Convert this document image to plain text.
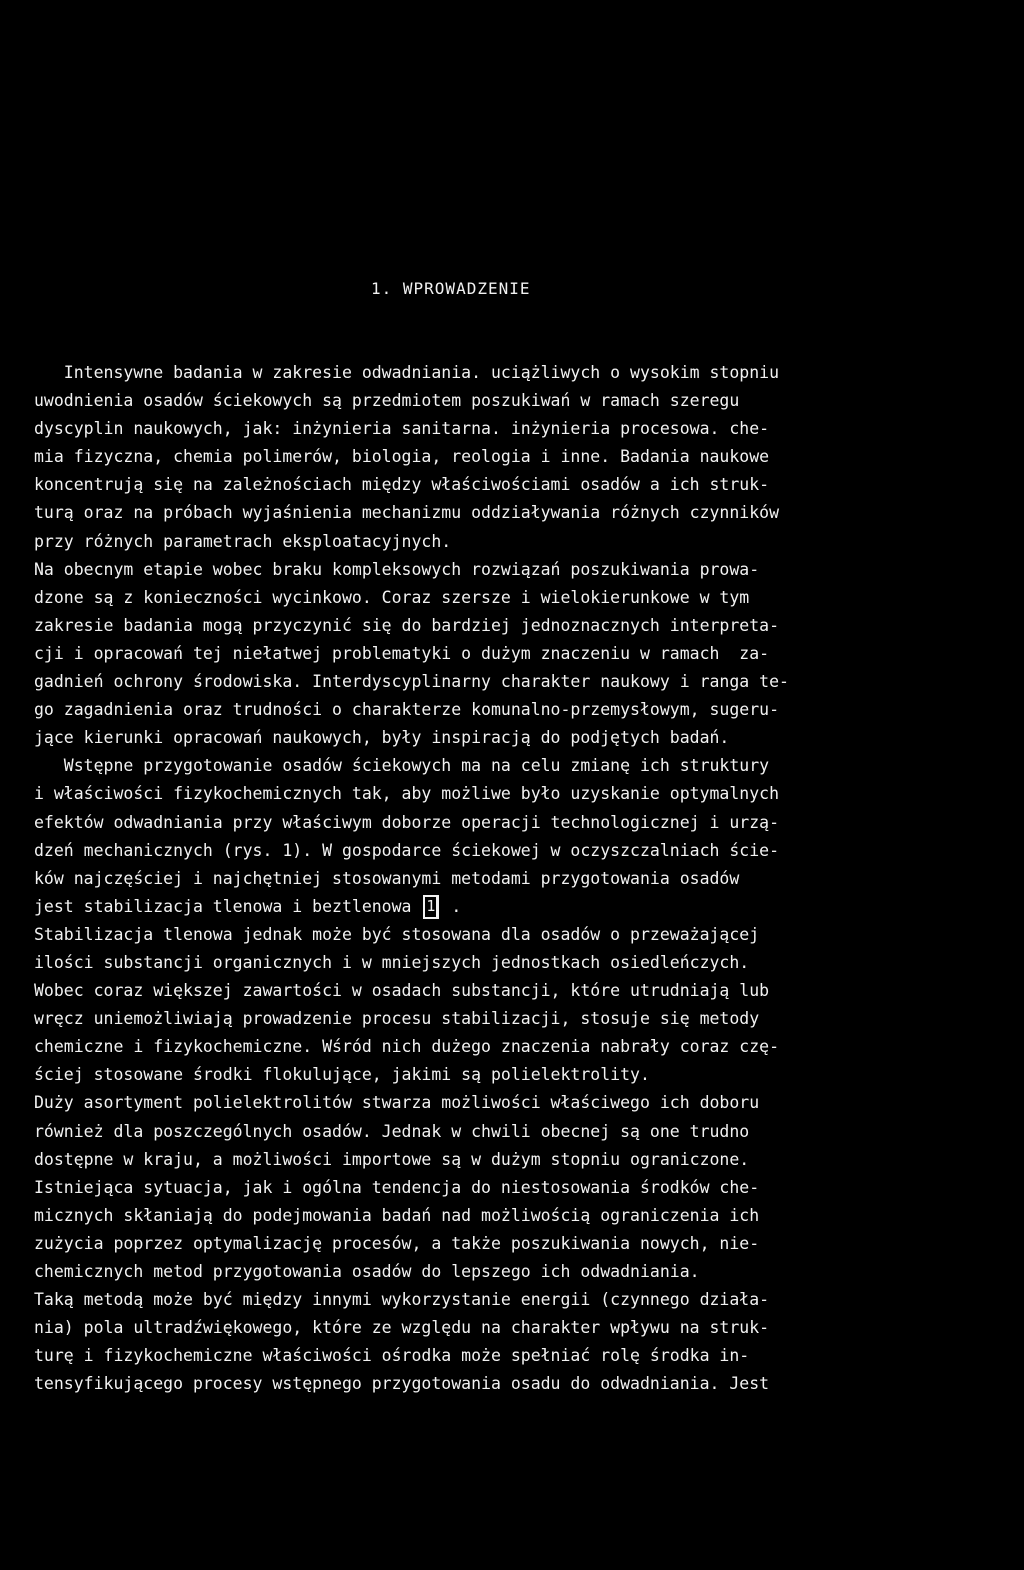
1. WPROWADZENIE
Intensywne badania w zakresie odwadniania. uciążliwych o wysokim stopniu
uwodnienia osadów ściekowych są przedmiotem poszukiwań w ramach szeregu
dyscyplin naukowych, jak: inżynieria sanitarna. inżynieria procesowa. che-
mia fizyczna, chemia polimerów, biologia, reologia i inne. Badania naukowe
koncentrują się na zależnościach między właściwościami osadów a ich struk-
turą oraz na próbach wyjaśnienia mechanizmu oddziaływania różnych czynników
przy różnych parametrach eksploatacyjnych.
Na obecnym etapie wobec braku kompleksowych rozwiązań poszukiwania prowa-
dzone są z konieczności wycinkowo. Coraz szersze i wielokierunkowe w tym
zakresie badania mogą przyczynić się do bardziej jednoznacznych interpreta-
cji i opracowań tej niełatwej problematyki o dużym znaczeniu w ramach  za-
gadnień ochrony środowiska. Interdyscyplinarny charakter naukowy i ranga te-
go zagadnienia oraz trudności o charakterze komunalno-przemysłowym, sugeru-
jące kierunki opracowań naukowych, były inspiracją do podjętych badań.
Wstępne przygotowanie osadów ściekowych ma na celu zmianę ich struktury
i właściwości fizykochemicznych tak, aby możliwe było uzyskanie optymalnych
efektów odwadniania przy właściwym doborze operacji technologicznej i urzą-
dzeń mechanicznych (rys. 1). W gospodarce ściekowej w oczyszczalniach ście-
ków najczęściej i najchętniej stosowanymi metodami przygotowania osadów
jest stabilizacja tlenowa i beztlenowa 1 .
Stabilizacja tlenowa jednak może być stosowana dla osadów o przeważającej
ilości substancji organicznych i w mniejszych jednostkach osiedleńczych.
Wobec coraz większej zawartości w osadach substancji, które utrudniają lub
wręcz uniemożliwiają prowadzenie procesu stabilizacji, stosuje się metody
chemiczne i fizykochemiczne. Wśród nich dużego znaczenia nabrały coraz czę-
ściej stosowane środki flokulujące, jakimi są polielektrolity.
Duży asortyment polielektrolitów stwarza możliwości właściwego ich doboru
również dla poszczególnych osadów. Jednak w chwili obecnej są one trudno
dostępne w kraju, a możliwości importowe są w dużym stopniu ograniczone.
Istniejąca sytuacja, jak i ogólna tendencja do niestosowania środków che-
micznych skłaniają do podejmowania badań nad możliwością ograniczenia ich
zużycia poprzez optymalizację procesów, a także poszukiwania nowych, nie-
chemicznych metod przygotowania osadów do lepszego ich odwadniania.
Taką metodą może być między innymi wykorzystanie energii (czynnego działa-
nia) pola ultradźwiękowego, które ze względu na charakter wpływu na struk-
turę i fizykochemiczne właściwości ośrodka może spełniać rolę środka in-
tensyfikującego procesy wstępnego przygotowania osadu do odwadniania. Jest
